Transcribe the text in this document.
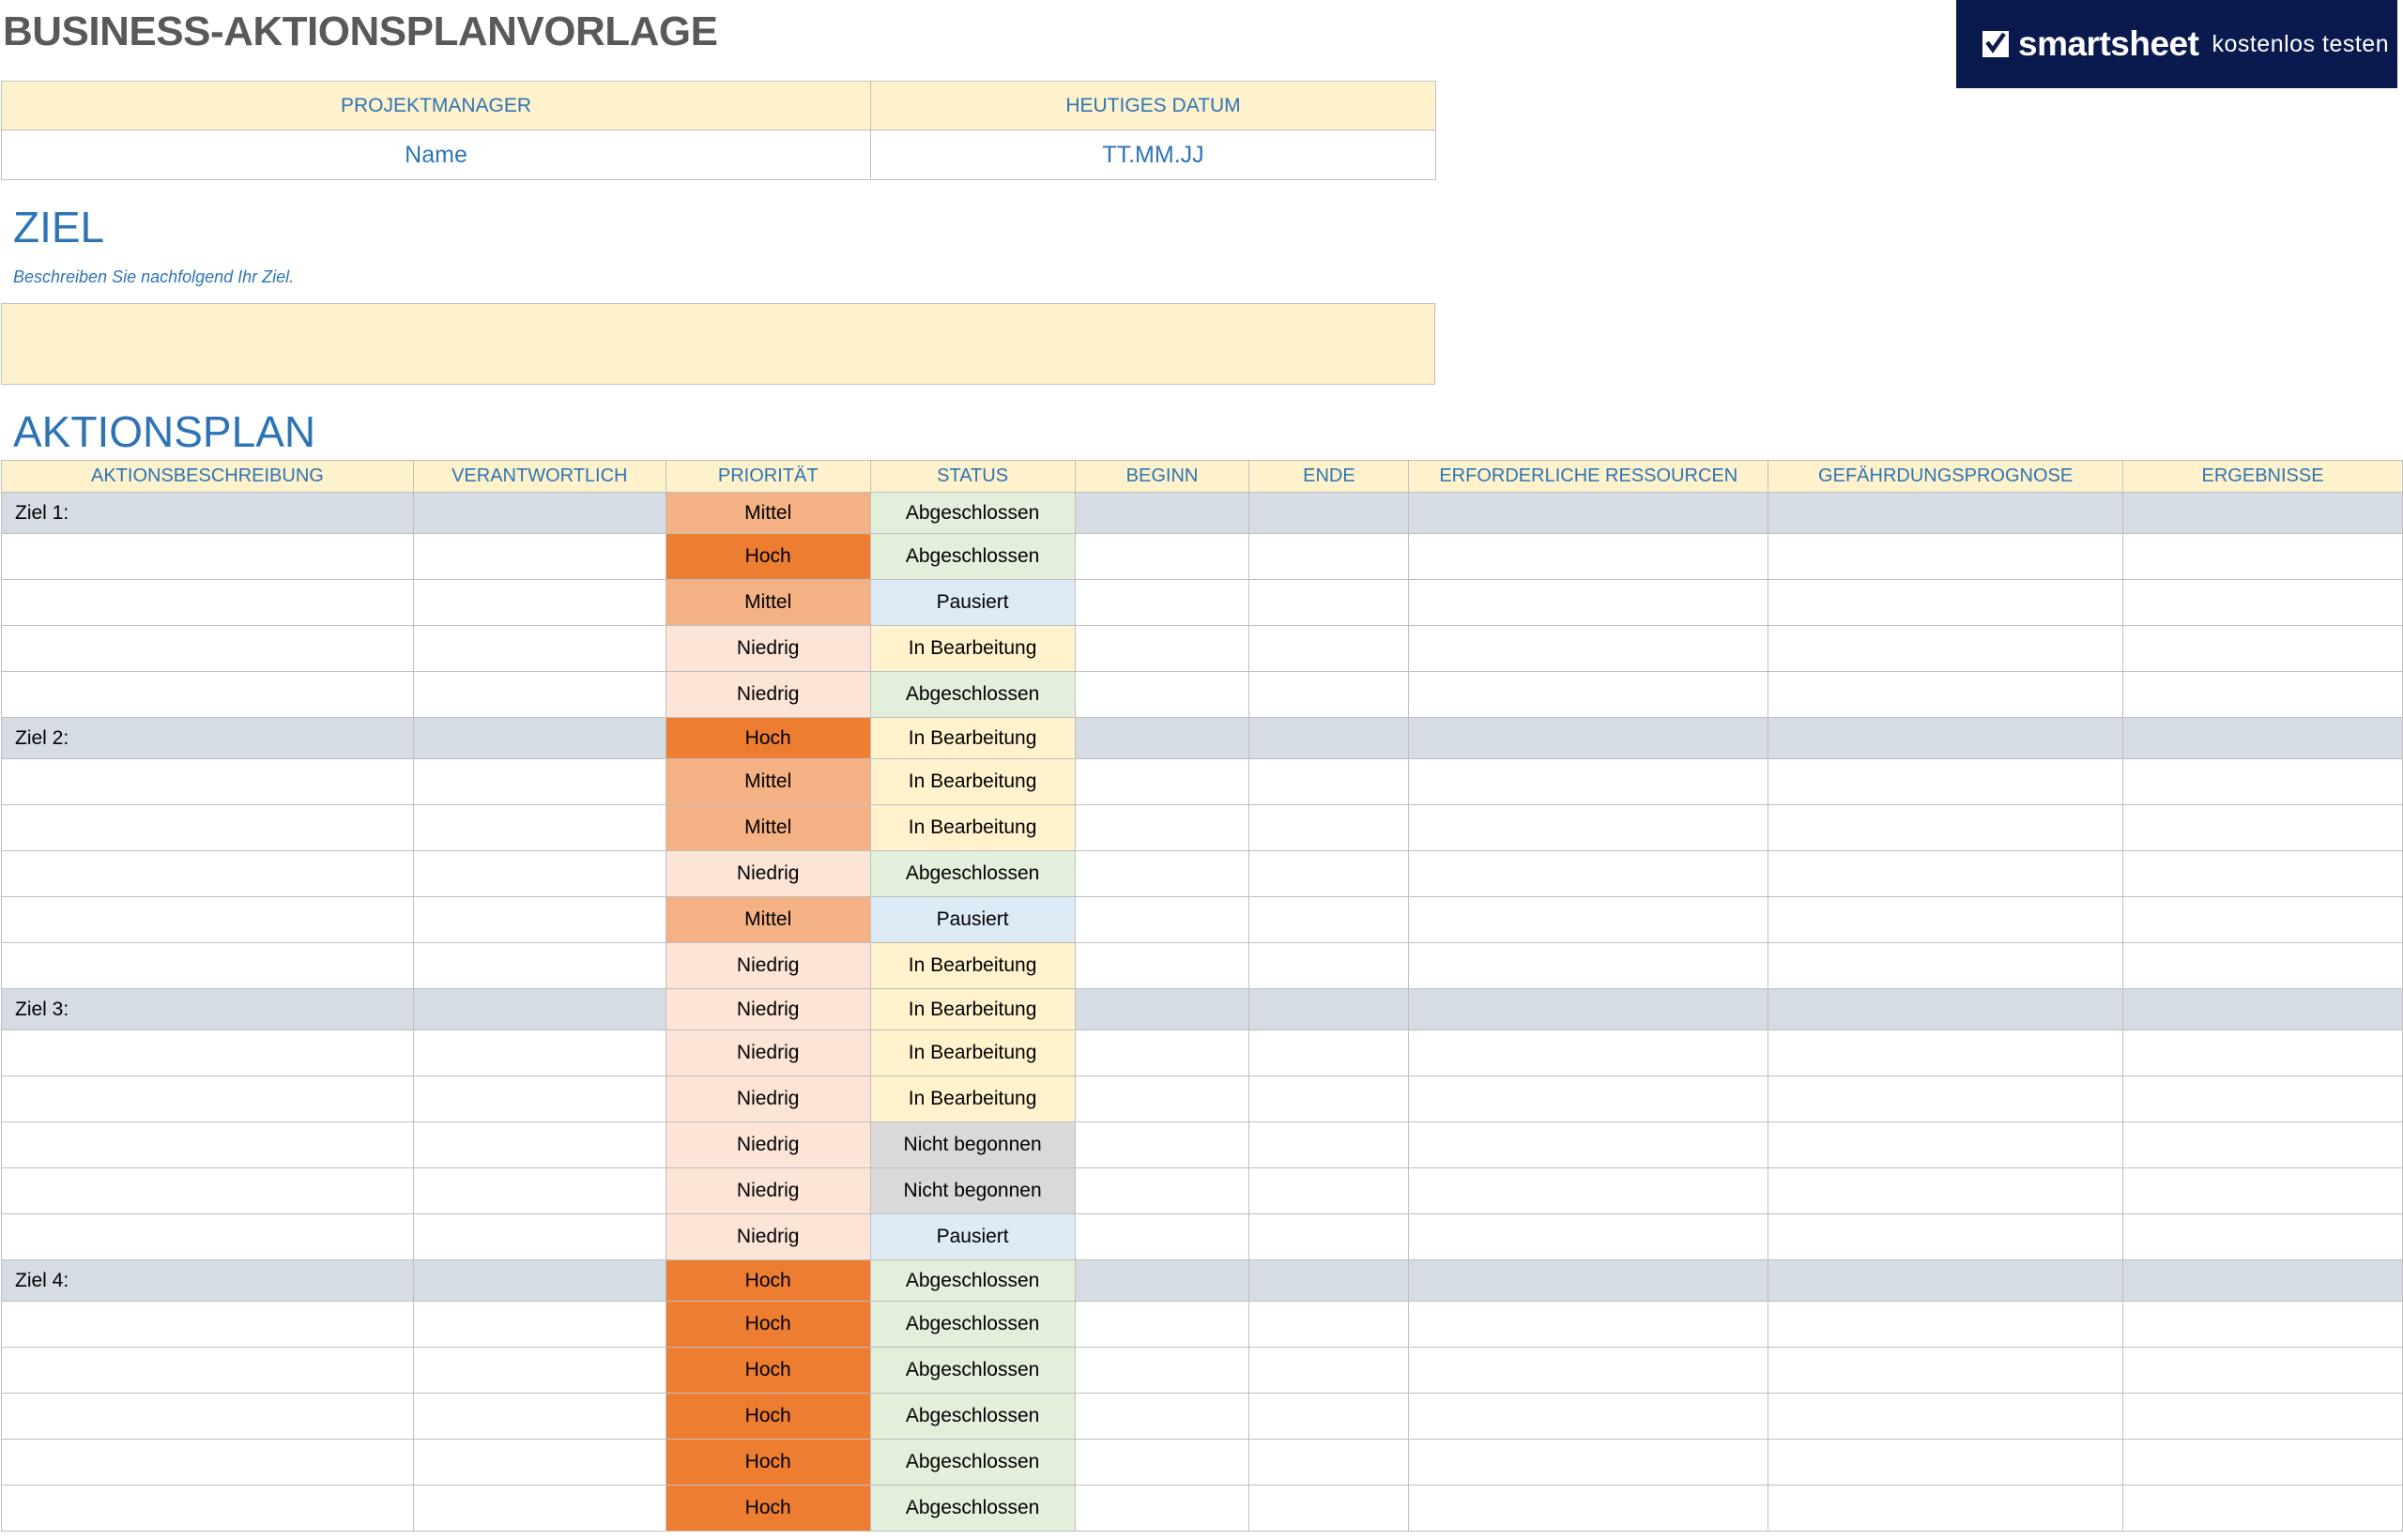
BUSINESS-AKTIONSPLANVORLAGE	smartsheet kostenlos testen
PROJEKTMANAGER	HEUTIGES DATUM
Name	TT.MM.JJ
ZIEL
Beschreiben Sie nachfolgend Ihr Ziel.
AKTIONSPLAN
AKTIONSBESCHREIBUNG	VERANTWORTLICH	PRIORITÄT	STATUS	BEGINN	ENDE	ERFORDERLICHE RESSOURCEN	GEFÄHRDUNGSPROGNOSE	ERGEBNISSE
Ziel 1:		Mittel	Abgeschlossen					
		Hoch	Abgeschlossen					
		Mittel	Pausiert					
		Niedrig	In Bearbeitung					
		Niedrig	Abgeschlossen					
Ziel 2:		Hoch	In Bearbeitung					
		Mittel	In Bearbeitung					
		Mittel	In Bearbeitung					
		Niedrig	Abgeschlossen					
		Mittel	Pausiert					
		Niedrig	In Bearbeitung					
Ziel 3:		Niedrig	In Bearbeitung					
		Niedrig	In Bearbeitung					
		Niedrig	In Bearbeitung					
		Niedrig	Nicht begonnen					
		Niedrig	Nicht begonnen					
		Niedrig	Pausiert					
Ziel 4:		Hoch	Abgeschlossen					
		Hoch	Abgeschlossen					
		Hoch	Abgeschlossen					
		Hoch	Abgeschlossen					
		Hoch	Abgeschlossen					
		Hoch	Abgeschlossen					
